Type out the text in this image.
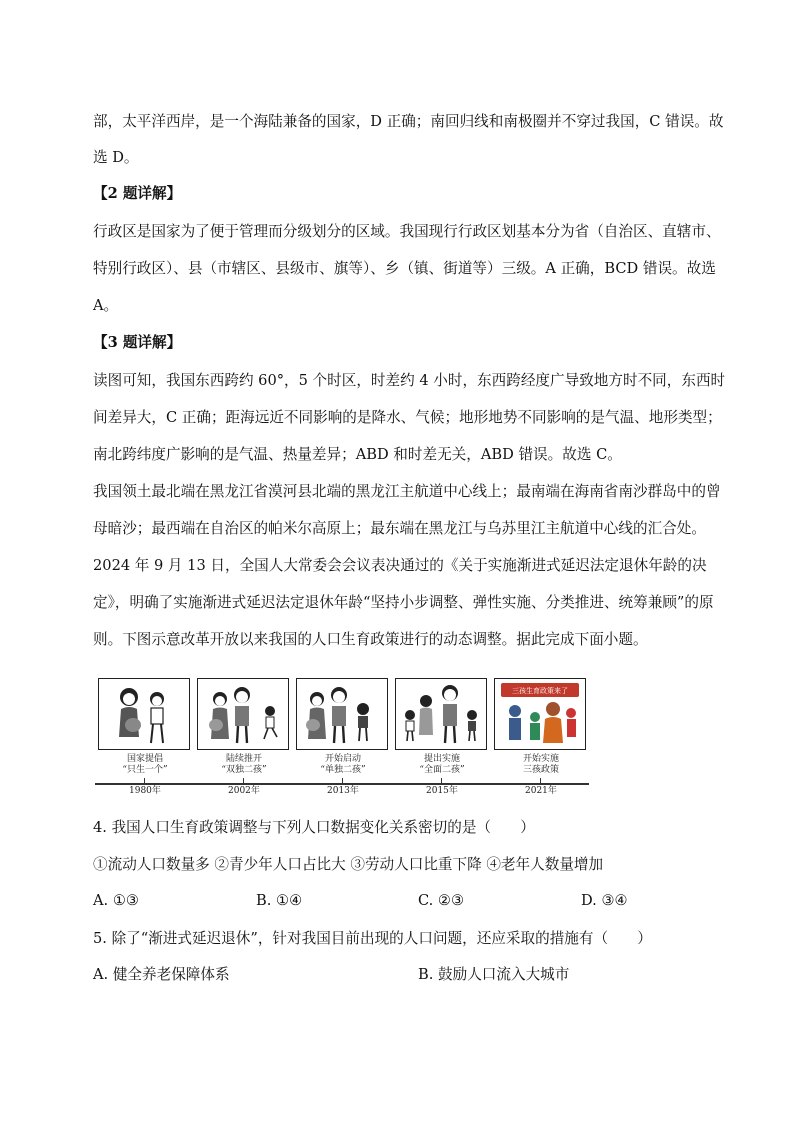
部，太平洋西岸，是一个海陆兼备的国家，D 正确；南回归线和南极圈并不穿过我国，C 错误。故
选 D。
【2 题详解】
行政区是国家为了便于管理而分级划分的区域。我国现行行政区划基本分为省（自治区、直辖市、
特别行政区）、县（市辖区、县级市、旗等）、乡（镇、街道等）三级。A 正确，BCD 错误。故选
A。
【3 题详解】
读图可知，我国东西跨约 60°，5 个时区，时差约 4 小时，东西跨经度广导致地方时不同，东西时
间差异大，C 正确；距海远近不同影响的是降水、气候；地形地势不同影响的是气温、地形类型；
南北跨纬度广影响的是气温、热量差异；ABD 和时差无关，ABD 错误。故选 C。
我国领土最北端在黑龙江省漠河县北端的黑龙江主航道中心线上；最南端在海南省南沙群岛中的曾
母暗沙；最西端在自治区的帕米尔高原上；最东端在黑龙江与乌苏里江主航道中心线的汇合处。
2024 年 9 月 13 日，全国人大常委会会议表决通过的《关于实施渐进式延迟法定退休年龄的决
定》，明确了实施渐进式延迟法定退休年龄“坚持小步调整、弹性实施、分类推进、统筹兼顾”的原
则。下图示意改革开放以来我国的人口生育政策进行的动态调整。据此完成下面小题。
三孩生育政策来了
国家提倡
“只生一个”
陆续推开
“双独二孩”
开始启动
“单独二孩”
提出实施
“全面二孩”
开始实施
三孩政策
1980年	2002年	2013年	2015年	2021年
4. 我国人口生育政策调整与下列人口数据变化关系密切的是（　　）
①流动人口数量多 ②青少年人口占比大 ③劳动人口比重下降 ④老年人数量增加
A. ①③	B. ①④	C. ②③	D. ③④
5. 除了“渐进式延迟退休”，针对我国目前出现的人口问题，还应采取的措施有（　　）
A. 健全养老保障体系	B. 鼓励人口流入大城市
